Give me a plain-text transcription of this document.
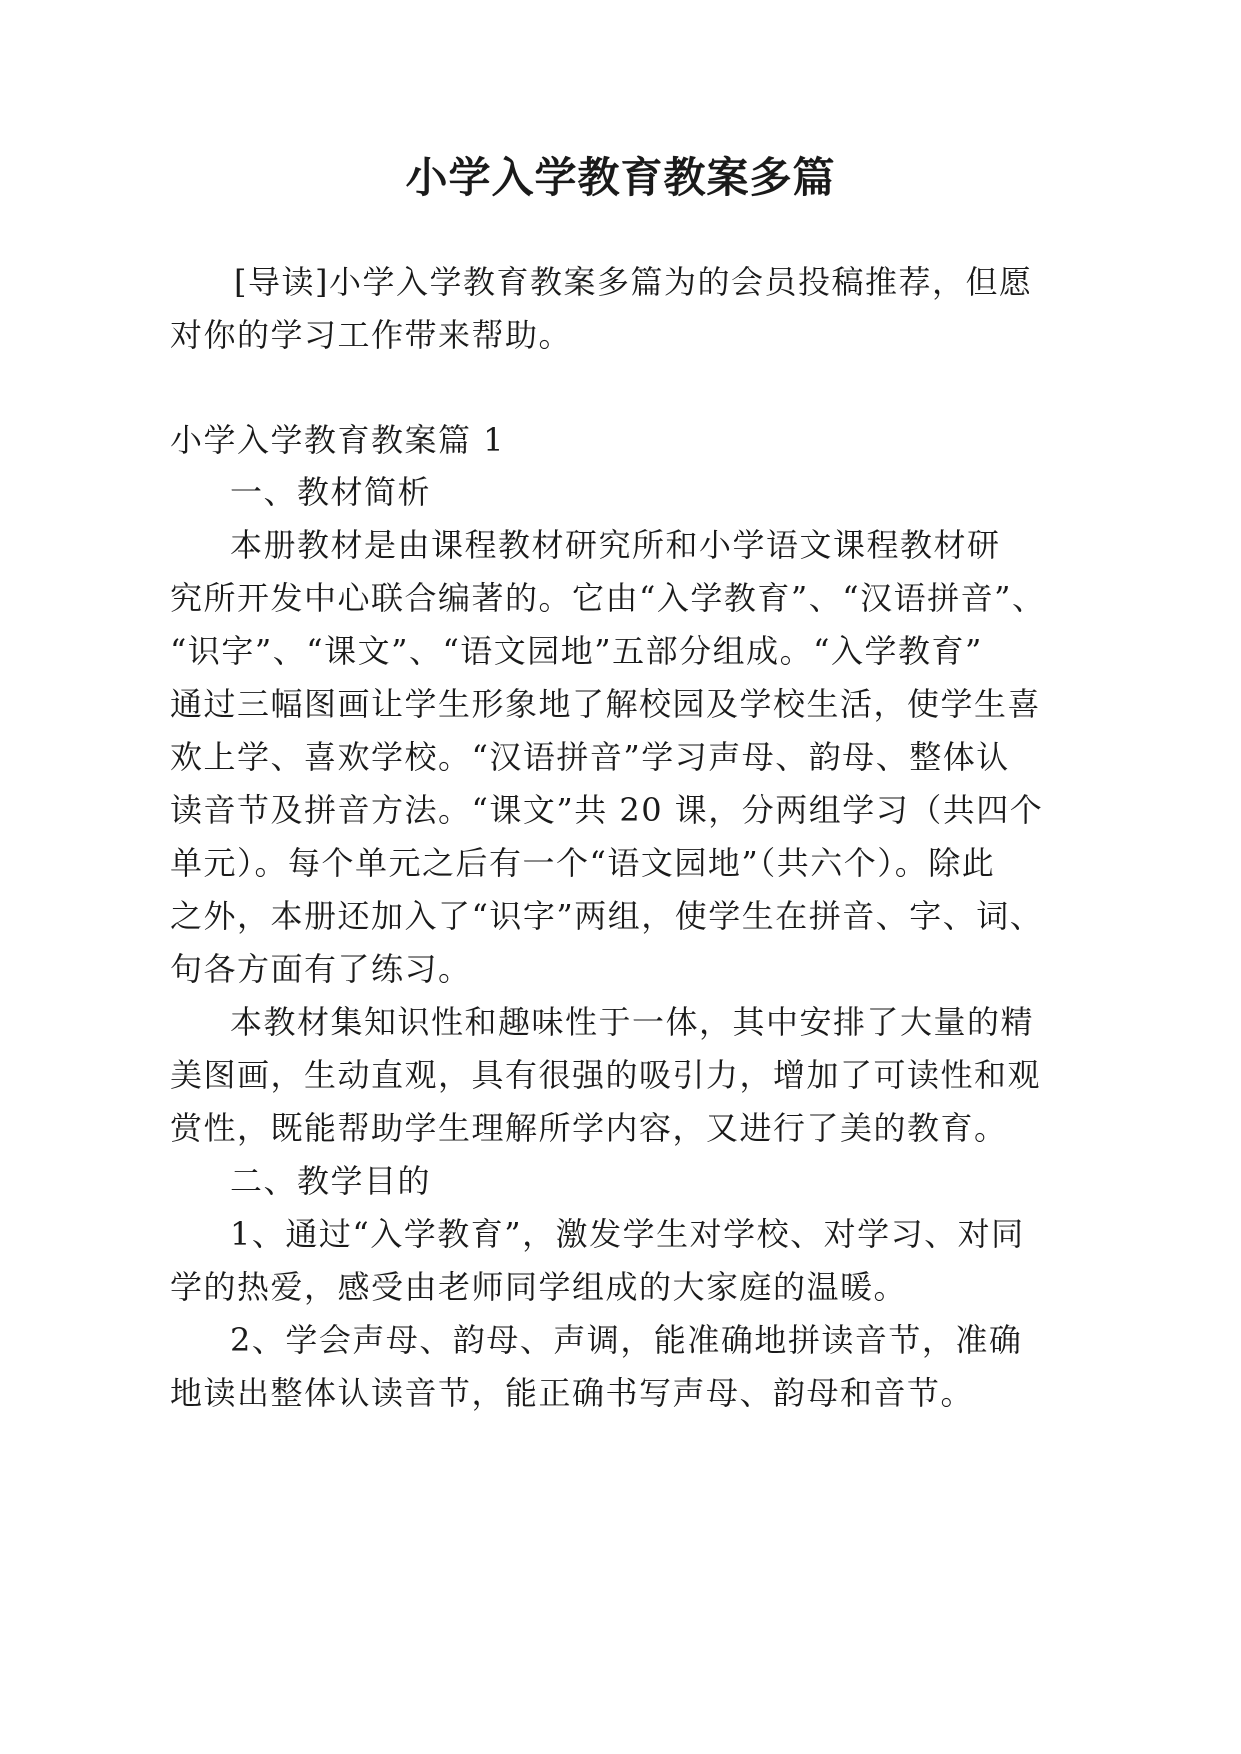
小学入学教育教案多篇
[导读]小学入学教育教案多篇为的会员投稿推荐，但愿
对你的学习工作带来帮助。
小学入学教育教案篇 1
一、教材简析
本册教材是由课程教材研究所和小学语文课程教材研
究所开发中心联合编著的。它由“入学教育”、“汉语拼音”、
“识字”、“课文”、“语文园地”五部分组成。“入学教育”
通过三幅图画让学生形象地了解校园及学校生活，使学生喜
欢上学、喜欢学校。“汉语拼音”学习声母、韵母、整体认
读音节及拼音方法。“课文”共 20 课，分两组学习（共四个
单元）。每个单元之后有一个“语文园地”（共六个）。除此
之外，本册还加入了“识字”两组，使学生在拼音、字、词、
句各方面有了练习。
本教材集知识性和趣味性于一体，其中安排了大量的精
美图画，生动直观，具有很强的吸引力，增加了可读性和观
赏性，既能帮助学生理解所学内容，又进行了美的教育。
二、教学目的
1、通过“入学教育”，激发学生对学校、对学习、对同
学的热爱，感受由老师同学组成的大家庭的温暖。
2、学会声母、韵母、声调，能准确地拼读音节，准确
地读出整体认读音节，能正确书写声母、韵母和音节。
